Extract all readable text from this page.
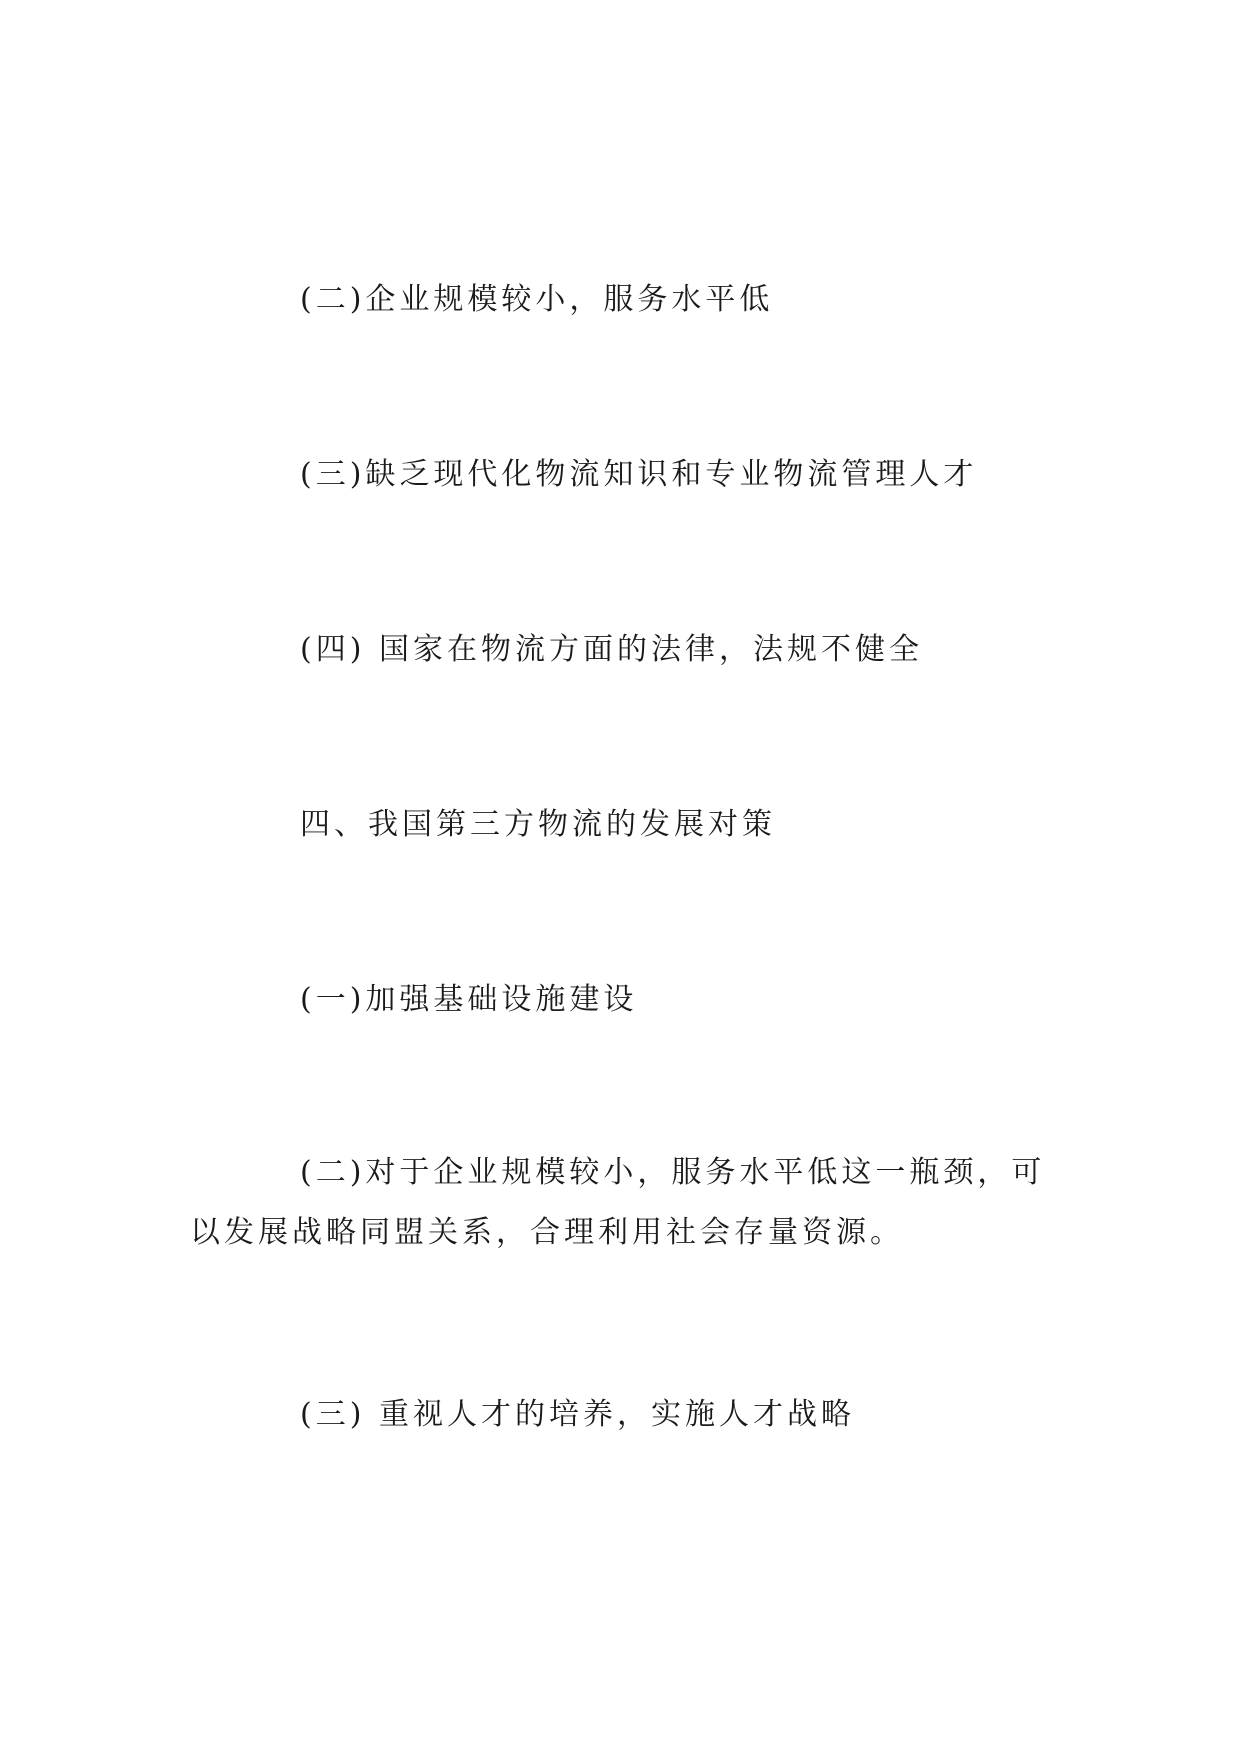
(二)企业规模较小，服务水平低

(三)缺乏现代化物流知识和专业物流管理人才

(四) 国家在物流方面的法律，法规不健全

四、我国第三方物流的发展对策

(一)加强基础设施建设

(二)对于企业规模较小，服务水平低这一瓶颈，可以发展战略同盟关系，合理利用社会存量资源。

(三) 重视人才的培养，实施人才战略
